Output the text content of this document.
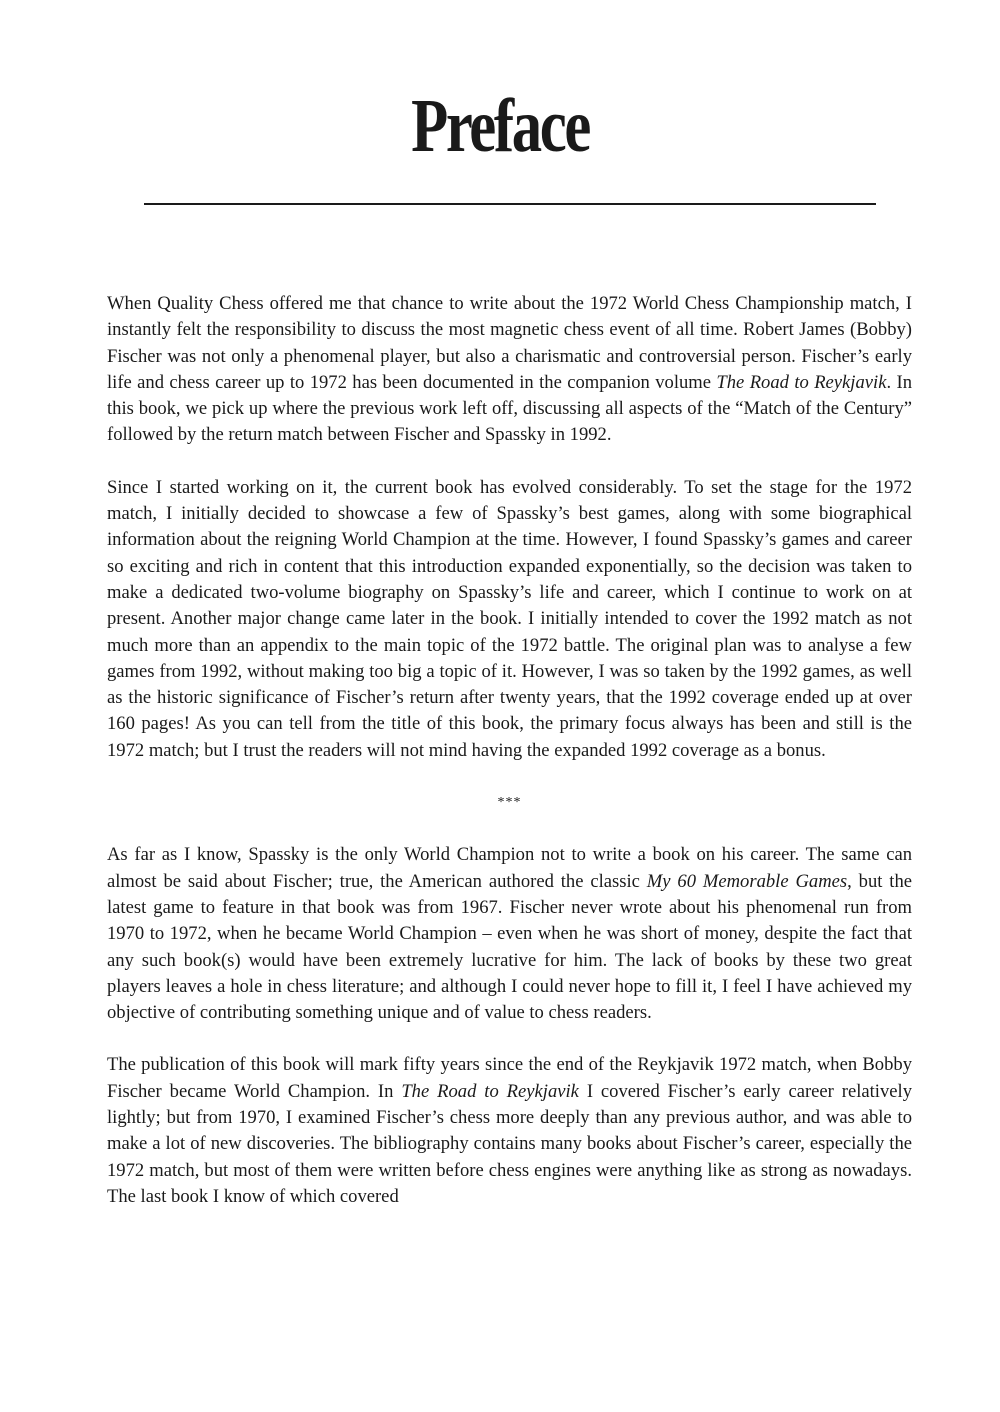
Preface

When Quality Chess offered me that chance to write about the 1972 World Chess Championship match, I instantly felt the responsibility to discuss the most magnetic chess event of all time. Robert James (Bobby) Fischer was not only a phenomenal player, but also a charismatic and controversial person. Fischer’s early life and chess career up to 1972 has been documented in the companion volume The Road to Reykjavik. In this book, we pick up where the previous work left off, discussing all aspects of the “Match of the Century” followed by the return match between Fischer and Spassky in 1992.

Since I started working on it, the current book has evolved considerably. To set the stage for the 1972 match, I initially decided to showcase a few of Spassky’s best games, along with some biographical information about the reigning World Champion at the time. However, I found Spassky’s games and career so exciting and rich in content that this introduction expanded exponentially, so the decision was taken to make a dedicated two-volume biography on Spassky’s life and career, which I continue to work on at present. Another major change came later in the book. I initially intended to cover the 1992 match as not much more than an appendix to the main topic of the 1972 battle. The original plan was to analyse a few games from 1992, without making too big a topic of it. However, I was so taken by the 1992 games, as well as the historic significance of Fischer’s return after twenty years, that the 1992 coverage ended up at over 160 pages! As you can tell from the title of this book, the primary focus always has been and still is the 1972 match; but I trust the readers will not mind having the expanded 1992 coverage as a bonus.

***

As far as I know, Spassky is the only World Champion not to write a book on his career. The same can almost be said about Fischer; true, the American authored the classic My 60 Memorable Games, but the latest game to feature in that book was from 1967. Fischer never wrote about his phenomenal run from 1970 to 1972, when he became World Champion – even when he was short of money, despite the fact that any such book(s) would have been extremely lucrative for him. The lack of books by these two great players leaves a hole in chess literature; and although I could never hope to fill it, I feel I have achieved my objective of contributing something unique and of value to chess readers.

The publication of this book will mark fifty years since the end of the Reykjavik 1972 match, when Bobby Fischer became World Champion. In The Road to Reykjavik I covered Fischer’s early career relatively lightly; but from 1970, I examined Fischer’s chess more deeply than any previous author, and was able to make a lot of new discoveries. The bibliography contains many books about Fischer’s career, especially the 1972 match, but most of them were written before chess engines were anything like as strong as nowadays. The last book I know of which covered
